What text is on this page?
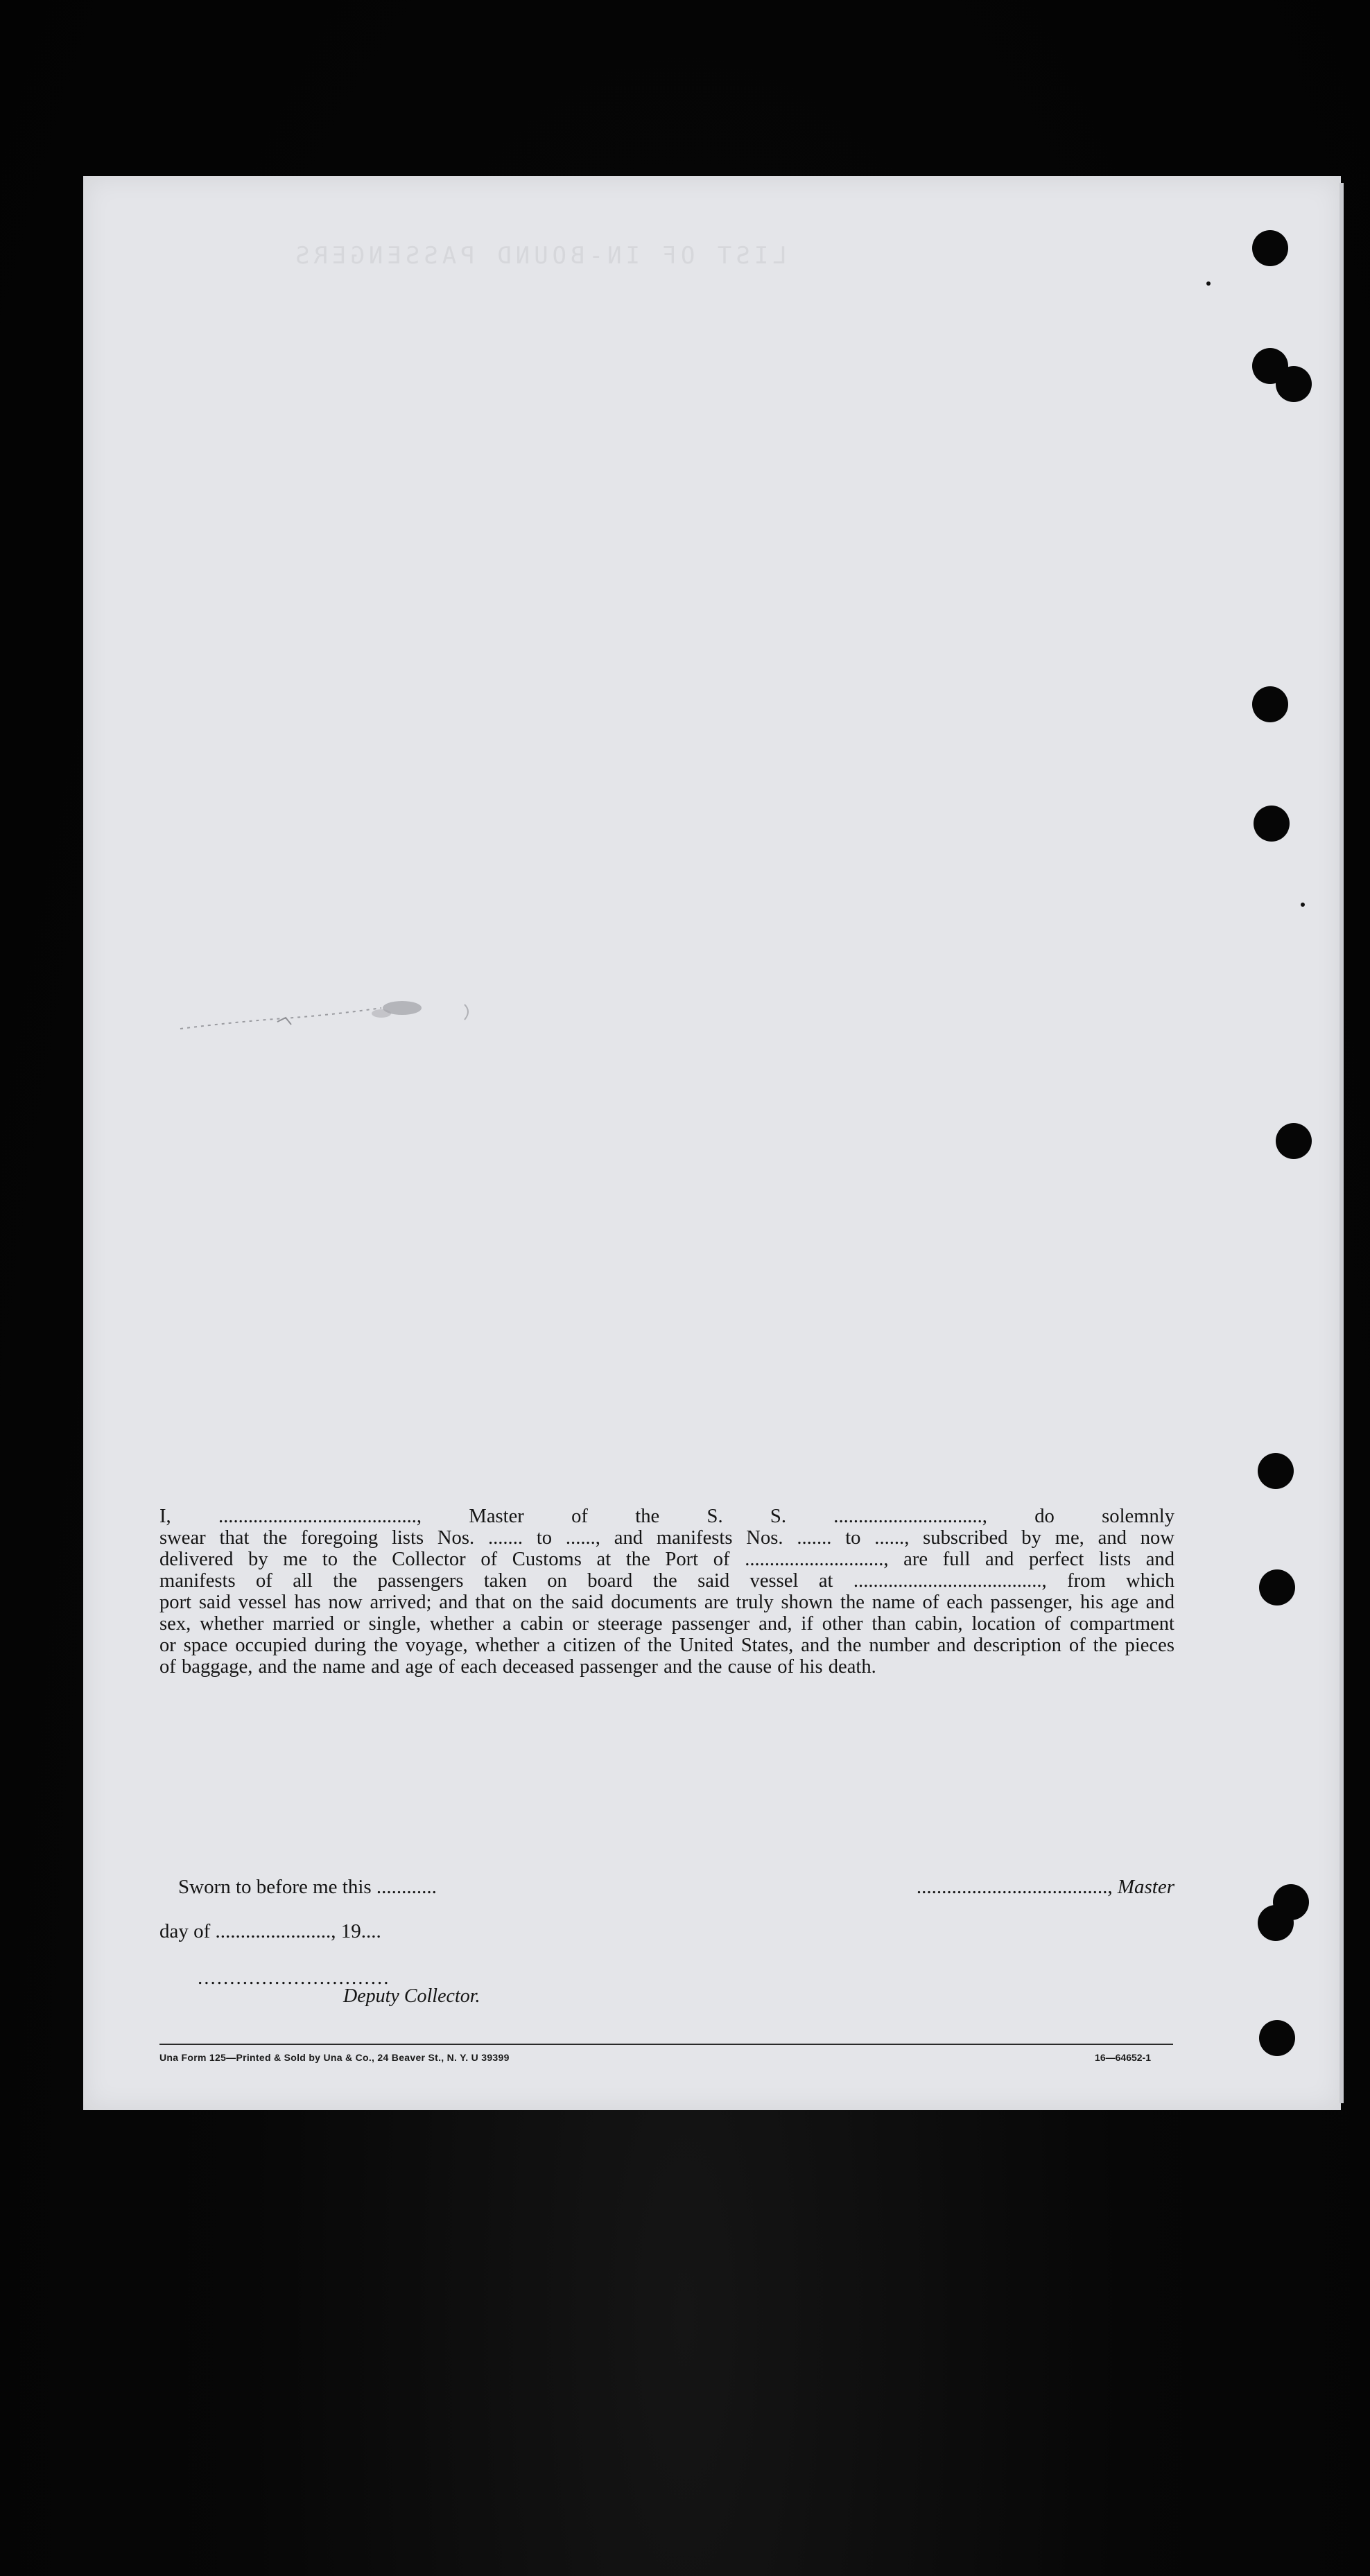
LIST OF IN-BOUND PASSENGERS
I, ........................................, Master of the S. S. .............................., do solemnly
swear that the foregoing lists Nos. ....... to ......, and manifests Nos. ....... to ......, subscribed by me, and now
delivered by me to the Collector of Customs at the Port of ............................, are full and perfect lists and
manifests of all the passengers taken on board the said vessel at ......................................, from which
port said vessel has now arrived; and that on the said documents are truly shown the name of each passenger, his age and
sex, whether married or single, whether a cabin or steerage passenger and, if other than cabin, location of compartment
or space occupied during the voyage, whether a citizen of the United States, and the number and description of the pieces
of baggage, and the name and age of each deceased passenger and the cause of his death.
Sworn to before me this ............	......................................, Master
day of ......................., 19....
..............................
Deputy Collector.
Una Form 125—Printed & Sold by Una & Co., 24 Beaver St., N. Y. U 39399	16—64652-1
